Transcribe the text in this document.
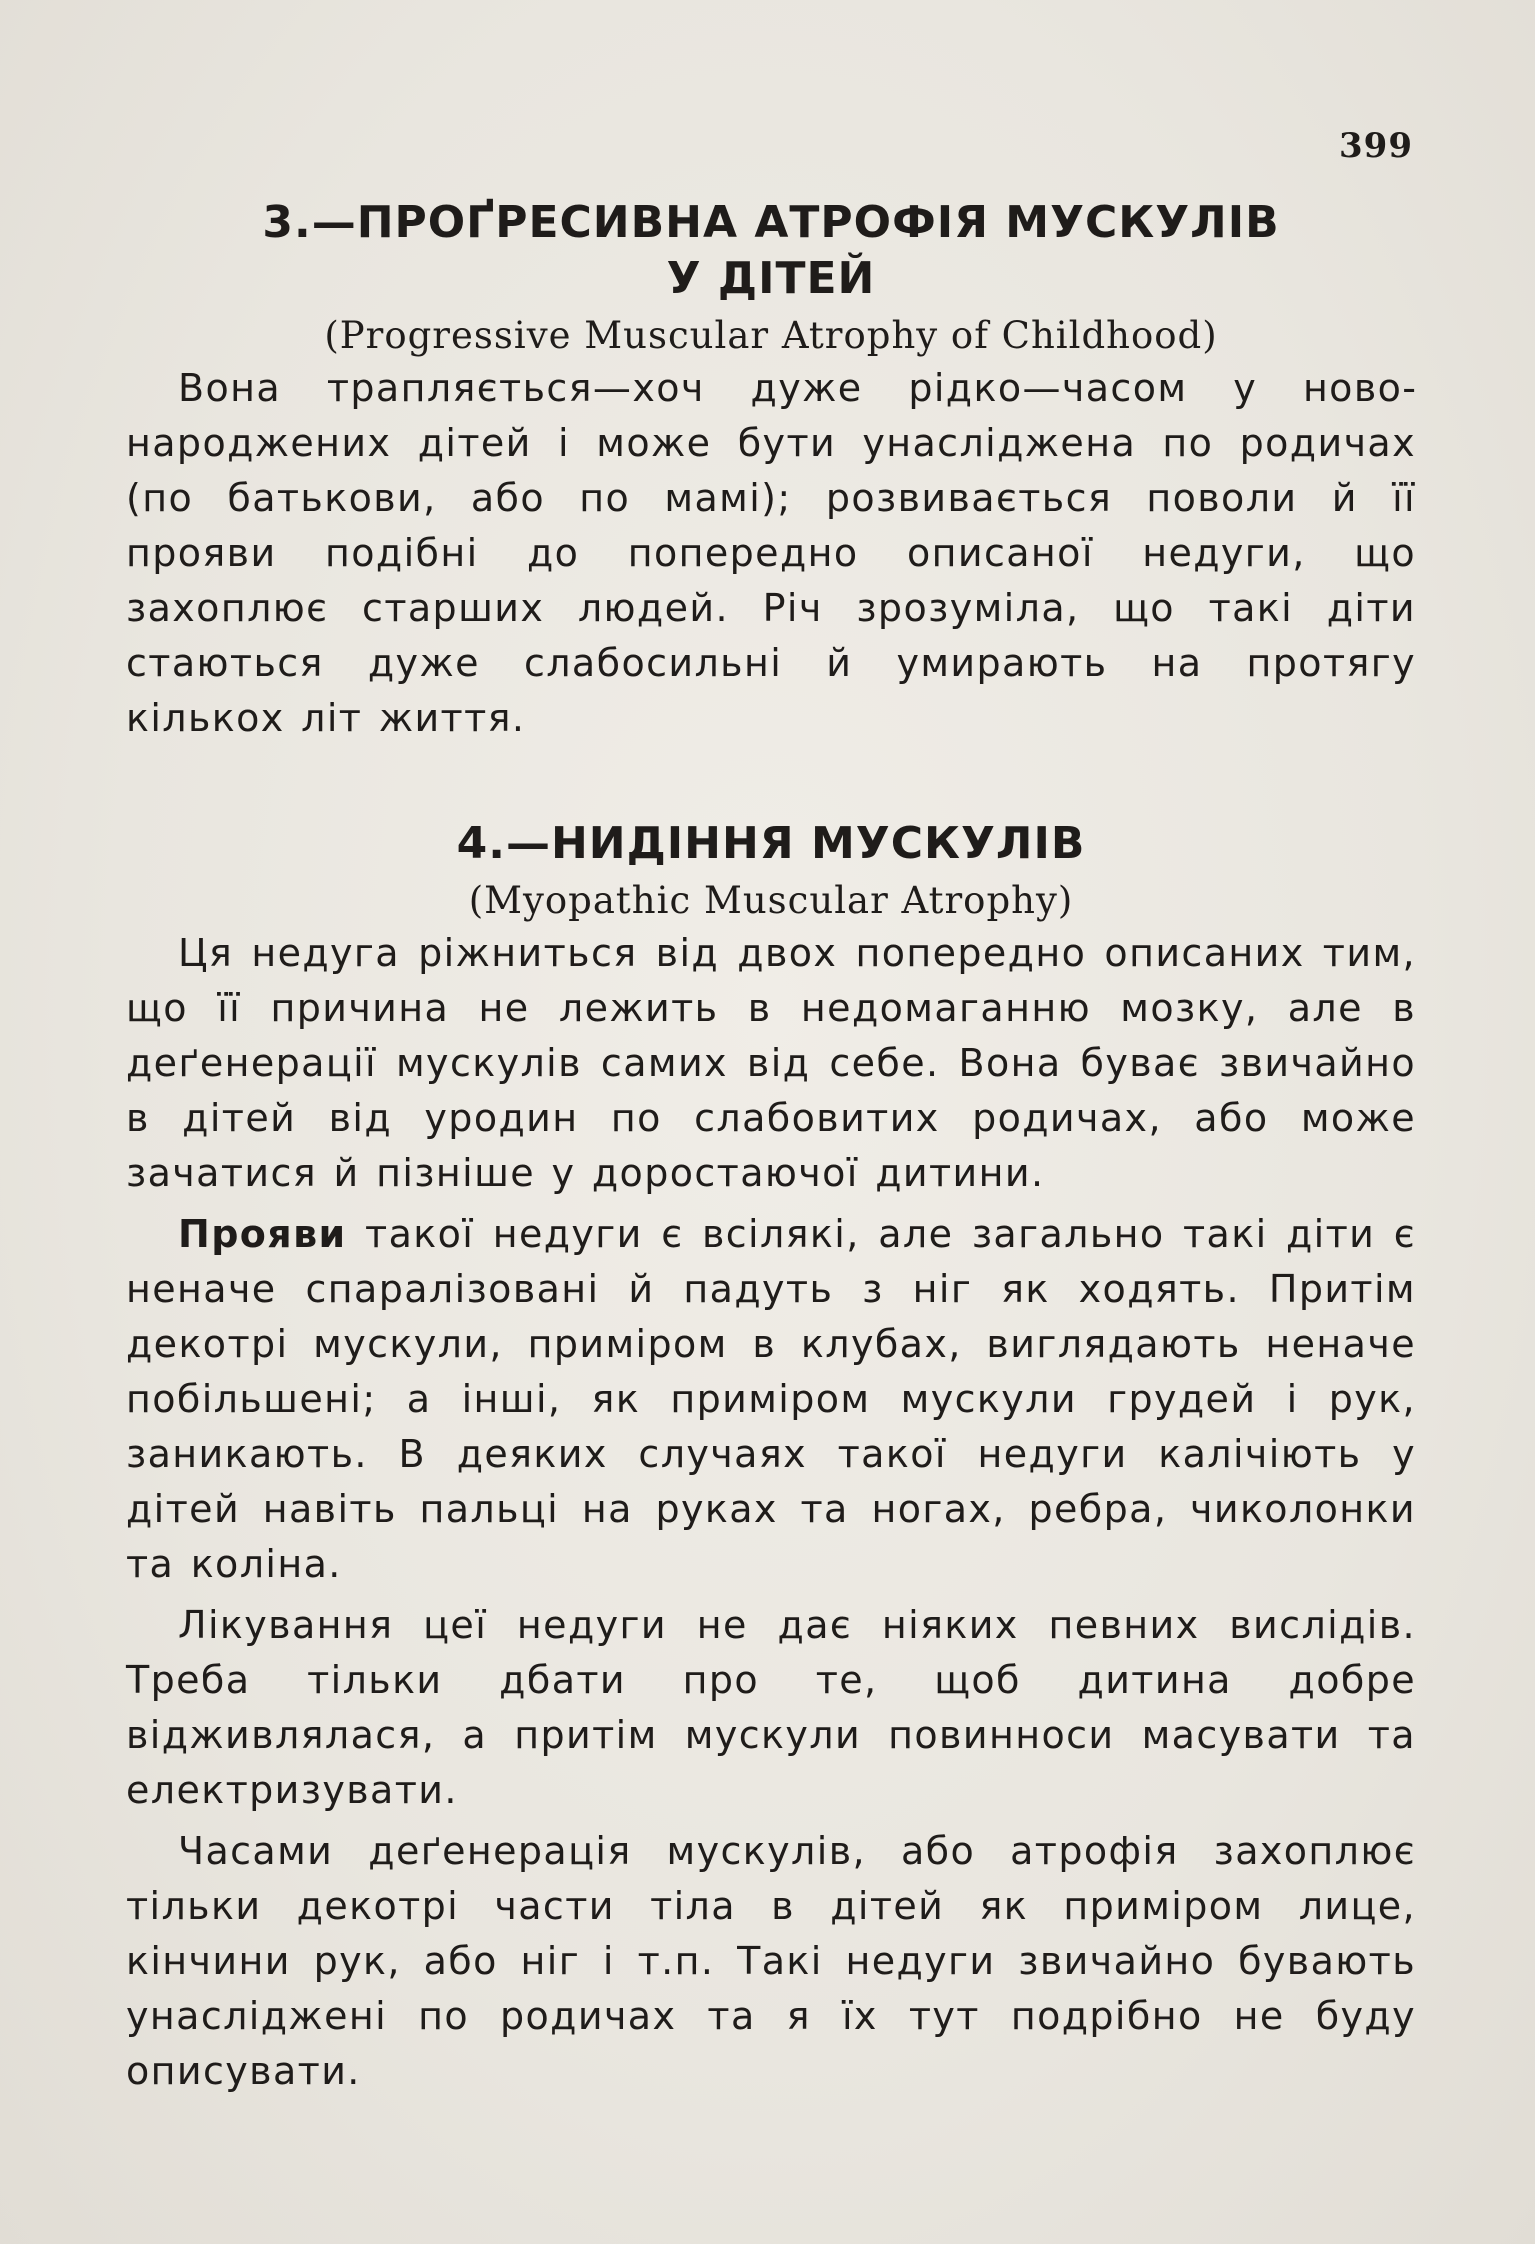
399
3.—ПРОҐРЕСИВНА АТРОФІЯ МУСКУЛІВ
У ДІТЕЙ
(Progressive Muscular Atrophy of Childhood)

Вона трапляється—хоч дуже рідко—часом у новонароджених дітей і може бути унаслідженa по родичах (по батькови, або по мамі); розвивається поволи й її прояви подібні до попередно описаної недуги, що захоплює старших людей. Річ зрозуміла, що такі діти стаються дуже слабосильні й умирають на протягу кількох літ життя.

4.—НИДІННЯ МУСКУЛІВ
(Myopathic Muscular Atrophy)

Ця недуга ріжниться від двох попередно описаних тим, що її причина не лежить в недомаганню мозку, але в деґенерації мускулів самих від себе. Вона буває звичайно в дітей від уродин по слабовитих родичах, або може зачатися й пізніше у доростаючої дитини.

Прояви такої недуги є всілякі, але загально такі діти є неначе спаралізовані й падуть з ніг як ходять. Притім декотрі мускули, приміром в клубах, виглядають неначе побільшені; а інші, як приміром мускули грудей і рук, заникають. В деяких случаях такої недуги калічіють у дітей навіть пальці на руках та ногах, ребра, чиколонки та коліна.

Лікування цеї недуги не дає ніяких певних вислідів. Треба тільки дбати про те, щоб дитина добре відживлялася, а притім мускули повинноси масувати та електризувати.

Часами деґенерація мускулів, або атрофія захоплює тільки декотрі части тіла в дітей як приміром лице, кінчини рук, або ніг і т.п. Такі недуги звичайно бувають унаслідженi по родичах та я їх тут подрібно не буду описувати.
